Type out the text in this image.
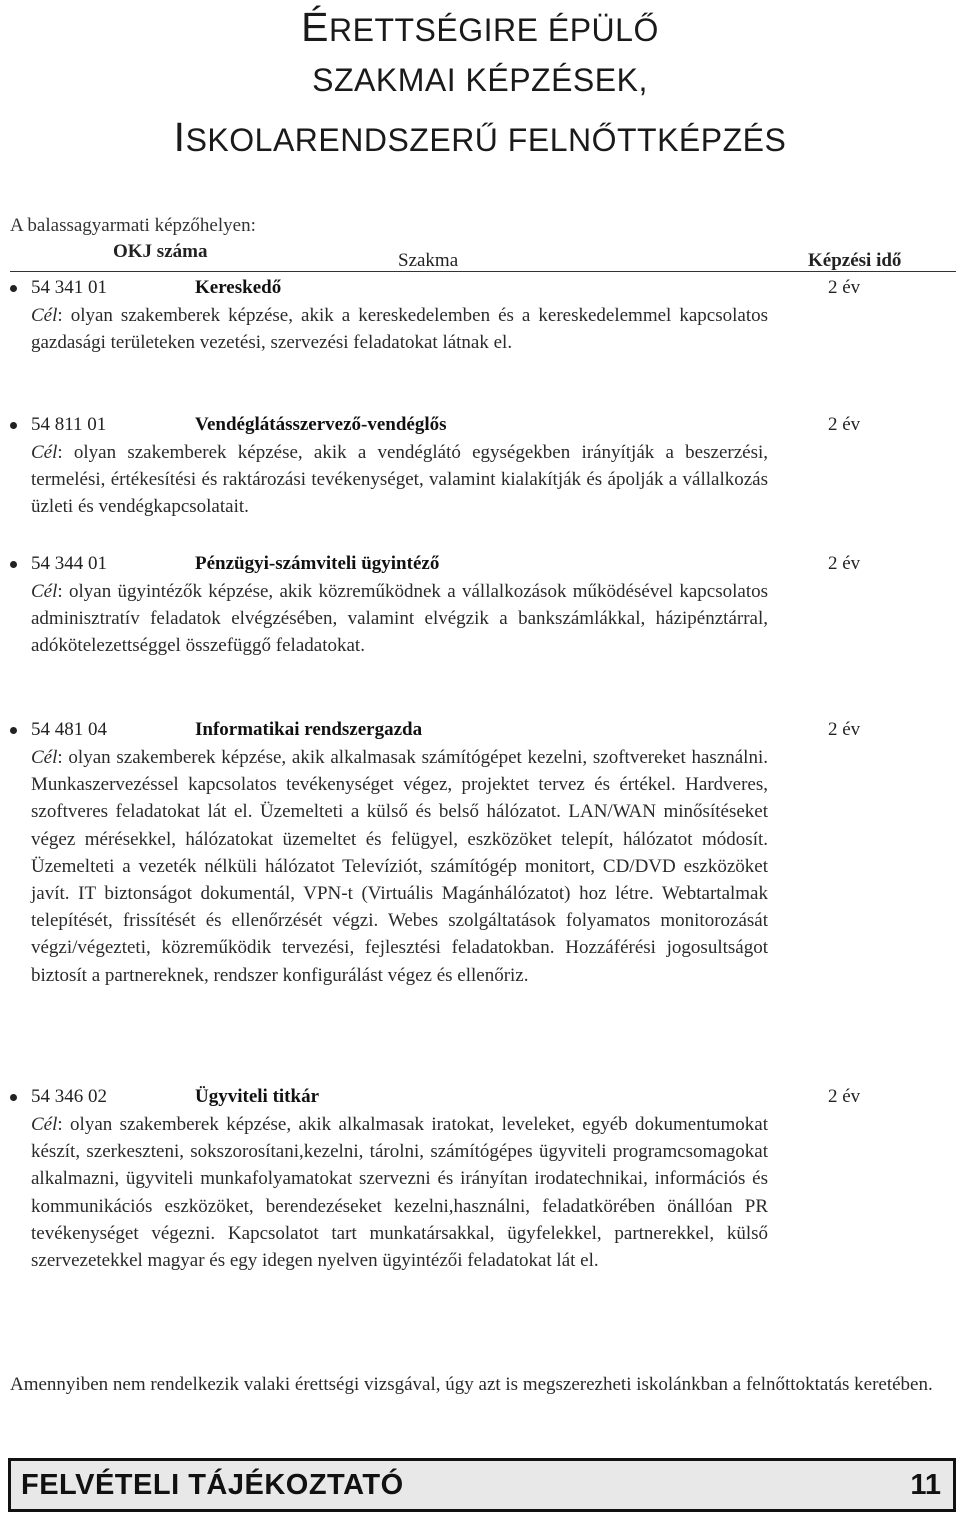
ÉRETTSÉGIRE ÉPÜLŐ
SZAKMAI KÉPZÉSEK,
ISKOLARENDSZERŰ FELNŐTTKÉPZÉS
A balassagyarmati képzőhelyen:
OKJ száma	Szakma	Képzési idő
54 341 01	Kereskedő	2 év
Cél: olyan szakemberek képzése, akik a kereskedelemben és a kereskedelemmel kapcsolatos gazdasági területeken vezetési, szervezési feladatokat látnak el.
54 811 01	Vendéglátásszervező-vendéglős	2 év
Cél: olyan szakemberek képzése, akik a vendéglátó egységekben irányítják a beszerzési, termelési, értékesítési és raktározási tevékenységet, valamint kialakítják és ápolják a vállalkozás üzleti és vendégkapcsolatait.
54 344 01	Pénzügyi-számviteli ügyintéző	2 év
Cél: olyan ügyintézők képzése, akik közreműködnek a vállalkozások működésével kapcsolatos adminisztratív feladatok elvégzésében, valamint elvégzik a bankszámlákkal, házipénztárral, adókötelezettséggel összefüggő feladatokat.
54 481 04	Informatikai rendszergazda	2 év
Cél: olyan szakemberek képzése, akik alkalmasak számítógépet kezelni, szoftvereket használni. Munkaszervezéssel kapcsolatos tevékenységet végez, projektet tervez és értékel. Hardveres, szoftveres feladatokat lát el. Üzemelteti a külső és belső hálózatot. LAN/WAN minősítéseket végez mérésekkel, hálózatokat üzemeltet és felügyel, eszközöket telepít, hálózatot módosít. Üzemelteti a vezeték nélküli hálózatot Televíziót, számítógép monitort, CD/DVD eszközöket javít. IT biztonságot dokumentál, VPN-t (Virtuális Magánhálózatot) hoz létre. Webtartalmak telepítését, frissítését és ellenőrzését végzi. Webes szolgáltatások folyamatos monitorozását végzi/végezteti, közreműködik tervezési, fejlesztési feladatokban. Hozzáférési jogosultságot biztosít a partnereknek, rendszer konfigurálást végez és ellenőriz.
54 346 02	Ügyviteli titkár	2 év
Cél: olyan szakemberek képzése, akik alkalmasak iratokat, leveleket, egyéb dokumentumokat készít, szerkeszteni, sokszorosítani,kezelni, tárolni, számítógépes ügyviteli programcsomagokat alkalmazni, ügyviteli munkafolyamatokat szervezni és irányítan irodatechnikai, információs és kommunikációs eszközöket, berendezéseket kezelni,használni, feladatkörében önállóan PR tevékenységet végezni. Kapcsolatot tart munkatársakkal, ügyfelekkel, partnerekkel, külső szervezetekkel magyar és egy idegen nyelven ügyintézői feladatokat lát el.
Amennyiben nem rendelkezik valaki érettségi vizsgával, úgy azt is megszerezheti iskolánkban a felnőttoktatás keretében.
FELVÉTELI TÁJÉKOZTATÓ	11
